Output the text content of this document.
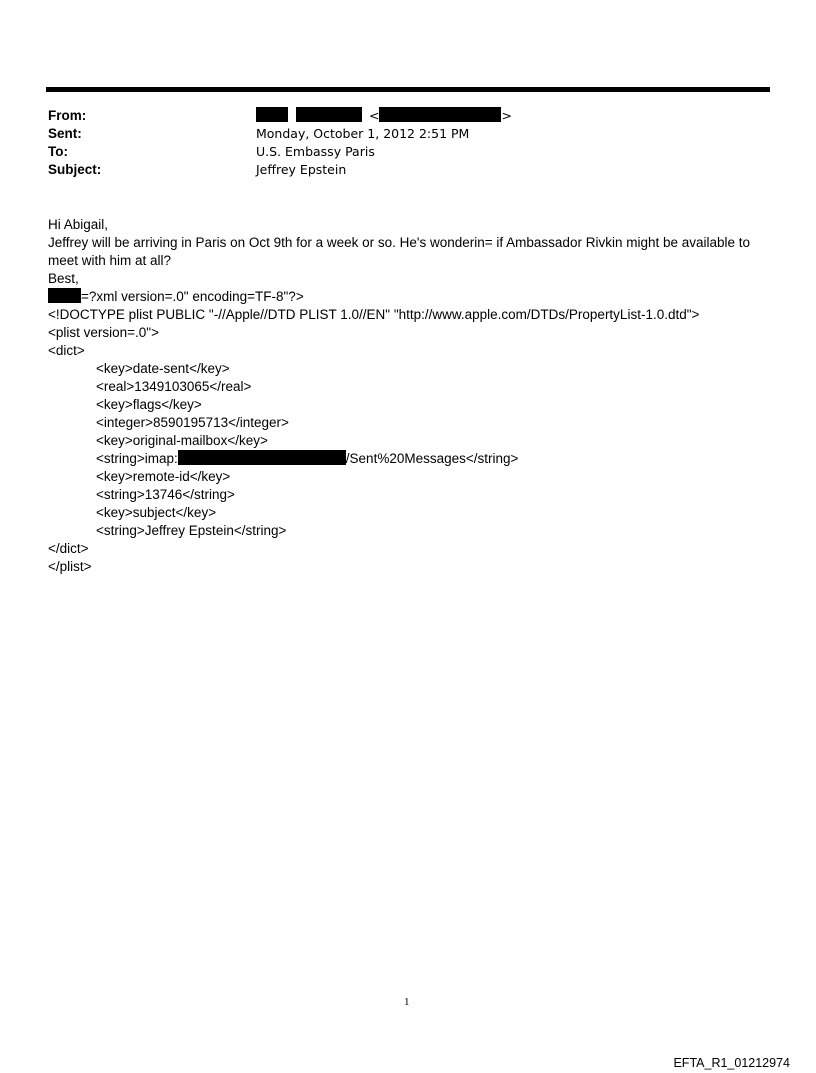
From:	<	>
Sent:	Monday, October 1, 2012 2:51 PM
To:	U.S. Embassy Paris
Subject:	Jeffrey Epstein
Hi Abigail,
Jeffrey will be arriving in Paris on Oct 9th for a week or so. He's wonderin= if Ambassador Rivkin might be available to meet with him at all?
Best,
=?xml version=.0" encoding=TF-8"?>
<!DOCTYPE plist PUBLIC "-//Apple//DTD PLIST 1.0//EN" "http://www.apple.com/DTDs/PropertyList-1.0.dtd">
<plist version=.0">
<dict>
<key>date-sent</key>
<real>1349103065</real>
<key>flags</key>
<integer>8590195713</integer>
<key>original-mailbox</key>
<string>imap:	/Sent%20Messages</string>
<key>remote-id</key>
<string>13746</string>
<key>subject</key>
<string>Jeffrey Epstein</string>
</dict>
</plist>
1
EFTA_R1_01212974
